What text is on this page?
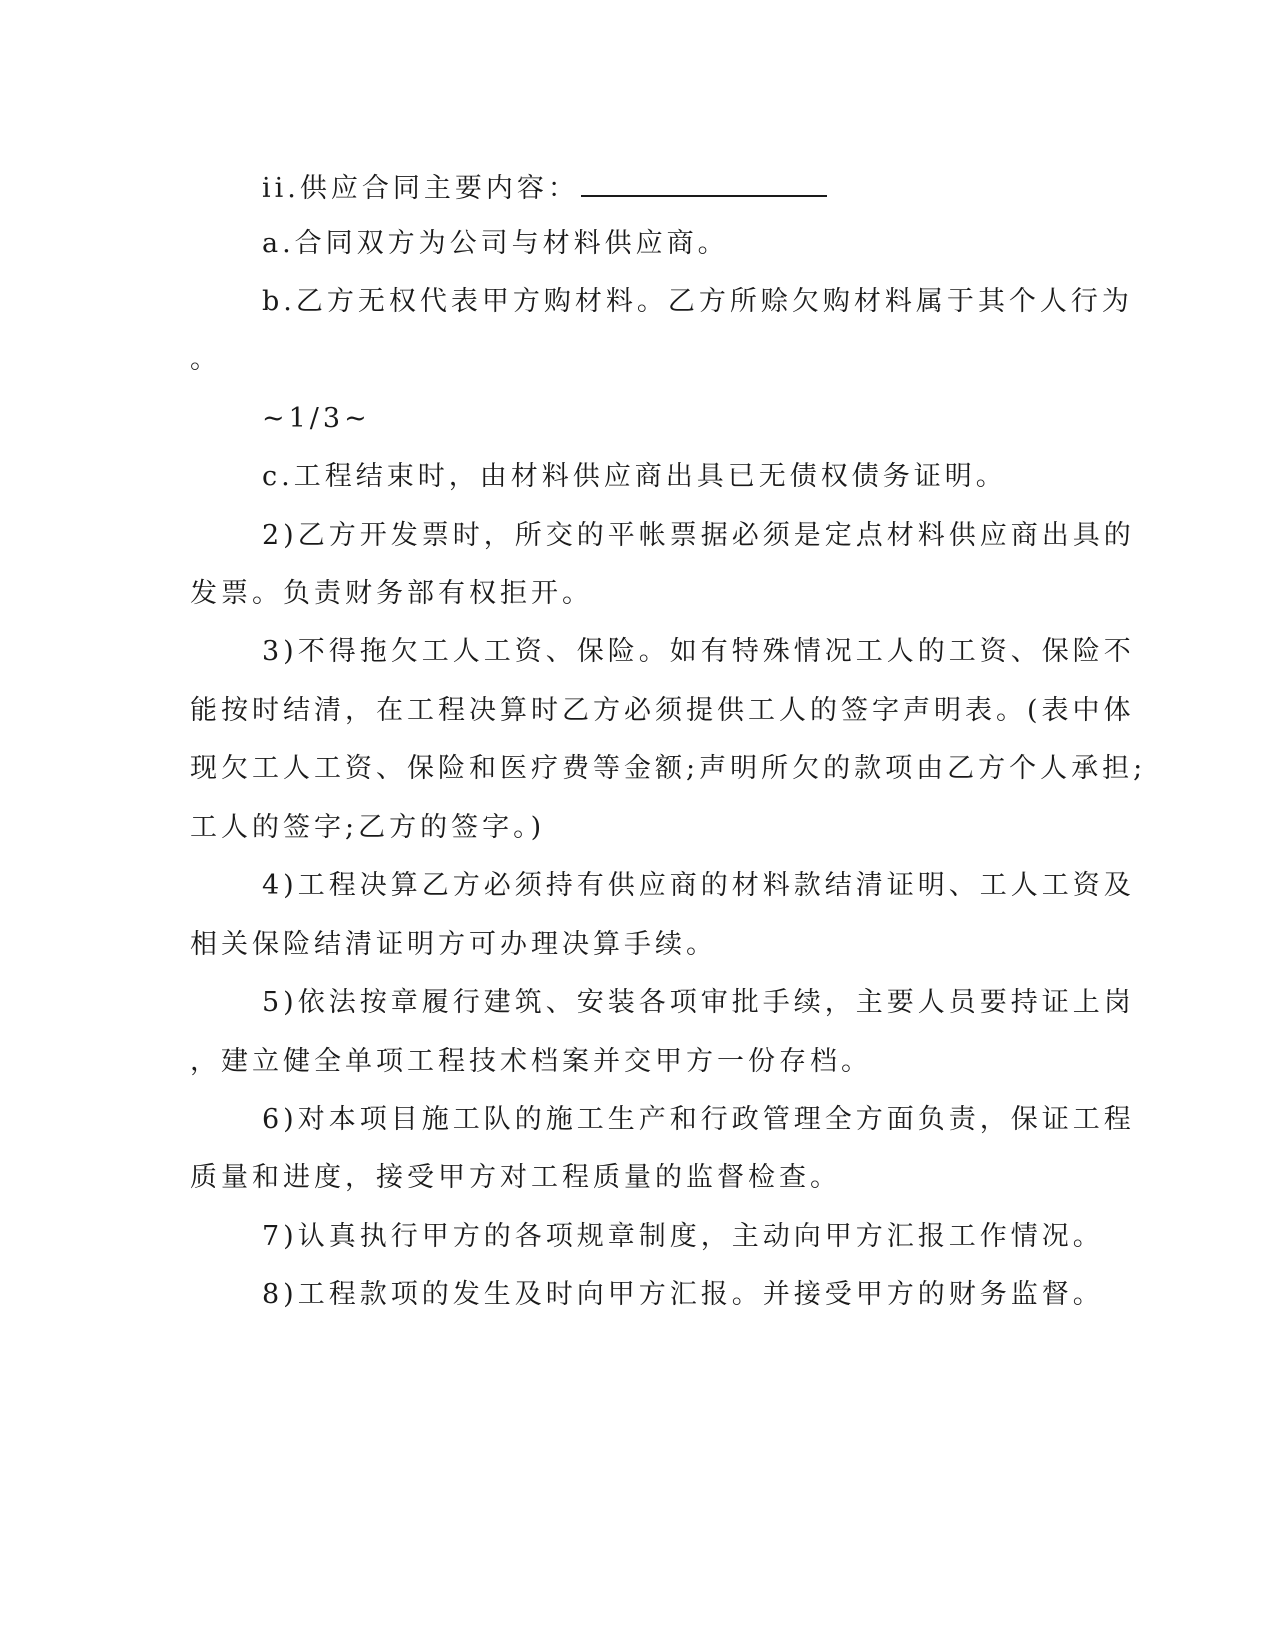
ii.供应合同主要内容：
a.合同双方为公司与材料供应商。
b.乙方无权代表甲方购材料。乙方所赊欠购材料属于其个人行为
。
~1/3~
c.工程结束时，由材料供应商出具已无债权债务证明。
2)乙方开发票时，所交的平帐票据必须是定点材料供应商出具的
发票。负责财务部有权拒开。
3)不得拖欠工人工资、保险。如有特殊情况工人的工资、保险不
能按时结清，在工程决算时乙方必须提供工人的签字声明表。(表中体
现欠工人工资、保险和医疗费等金额;声明所欠的款项由乙方个人承担;
工人的签字;乙方的签字。)
4)工程决算乙方必须持有供应商的材料款结清证明、工人工资及
相关保险结清证明方可办理决算手续。
5)依法按章履行建筑、安装各项审批手续，主要人员要持证上岗
，建立健全单项工程技术档案并交甲方一份存档。
6)对本项目施工队的施工生产和行政管理全方面负责，保证工程
质量和进度，接受甲方对工程质量的监督检查。
7)认真执行甲方的各项规章制度，主动向甲方汇报工作情况。
8)工程款项的发生及时向甲方汇报。并接受甲方的财务监督。
